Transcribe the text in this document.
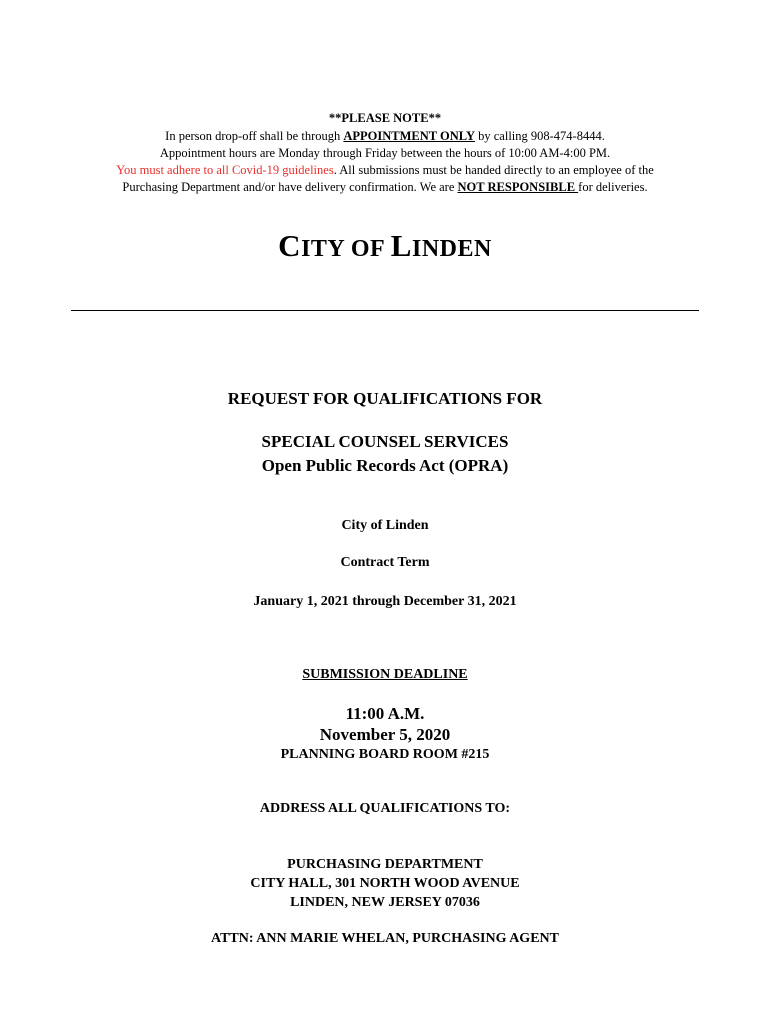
**PLEASE NOTE**
In person drop-off shall be through APPOINTMENT ONLY by calling 908-474-8444.
Appointment hours are Monday through Friday between the hours of 10:00 AM-4:00 PM.
You must adhere to all Covid-19 guidelines. All submissions must be handed directly to an employee of the
Purchasing Department and/or have delivery confirmation. We are NOT RESPONSIBLE for deliveries.
CITY OF LINDEN
REQUEST FOR QUALIFICATIONS FOR
SPECIAL COUNSEL SERVICES
Open Public Records Act (OPRA)
City of Linden
Contract Term
January 1, 2021 through December 31, 2021
SUBMISSION DEADLINE
11:00 A.M.
November 5, 2020
PLANNING BOARD ROOM #215
ADDRESS ALL QUALIFICATIONS TO:
PURCHASING DEPARTMENT
CITY HALL, 301 NORTH WOOD AVENUE
LINDEN, NEW JERSEY 07036
ATTN: ANN MARIE WHELAN, PURCHASING AGENT
